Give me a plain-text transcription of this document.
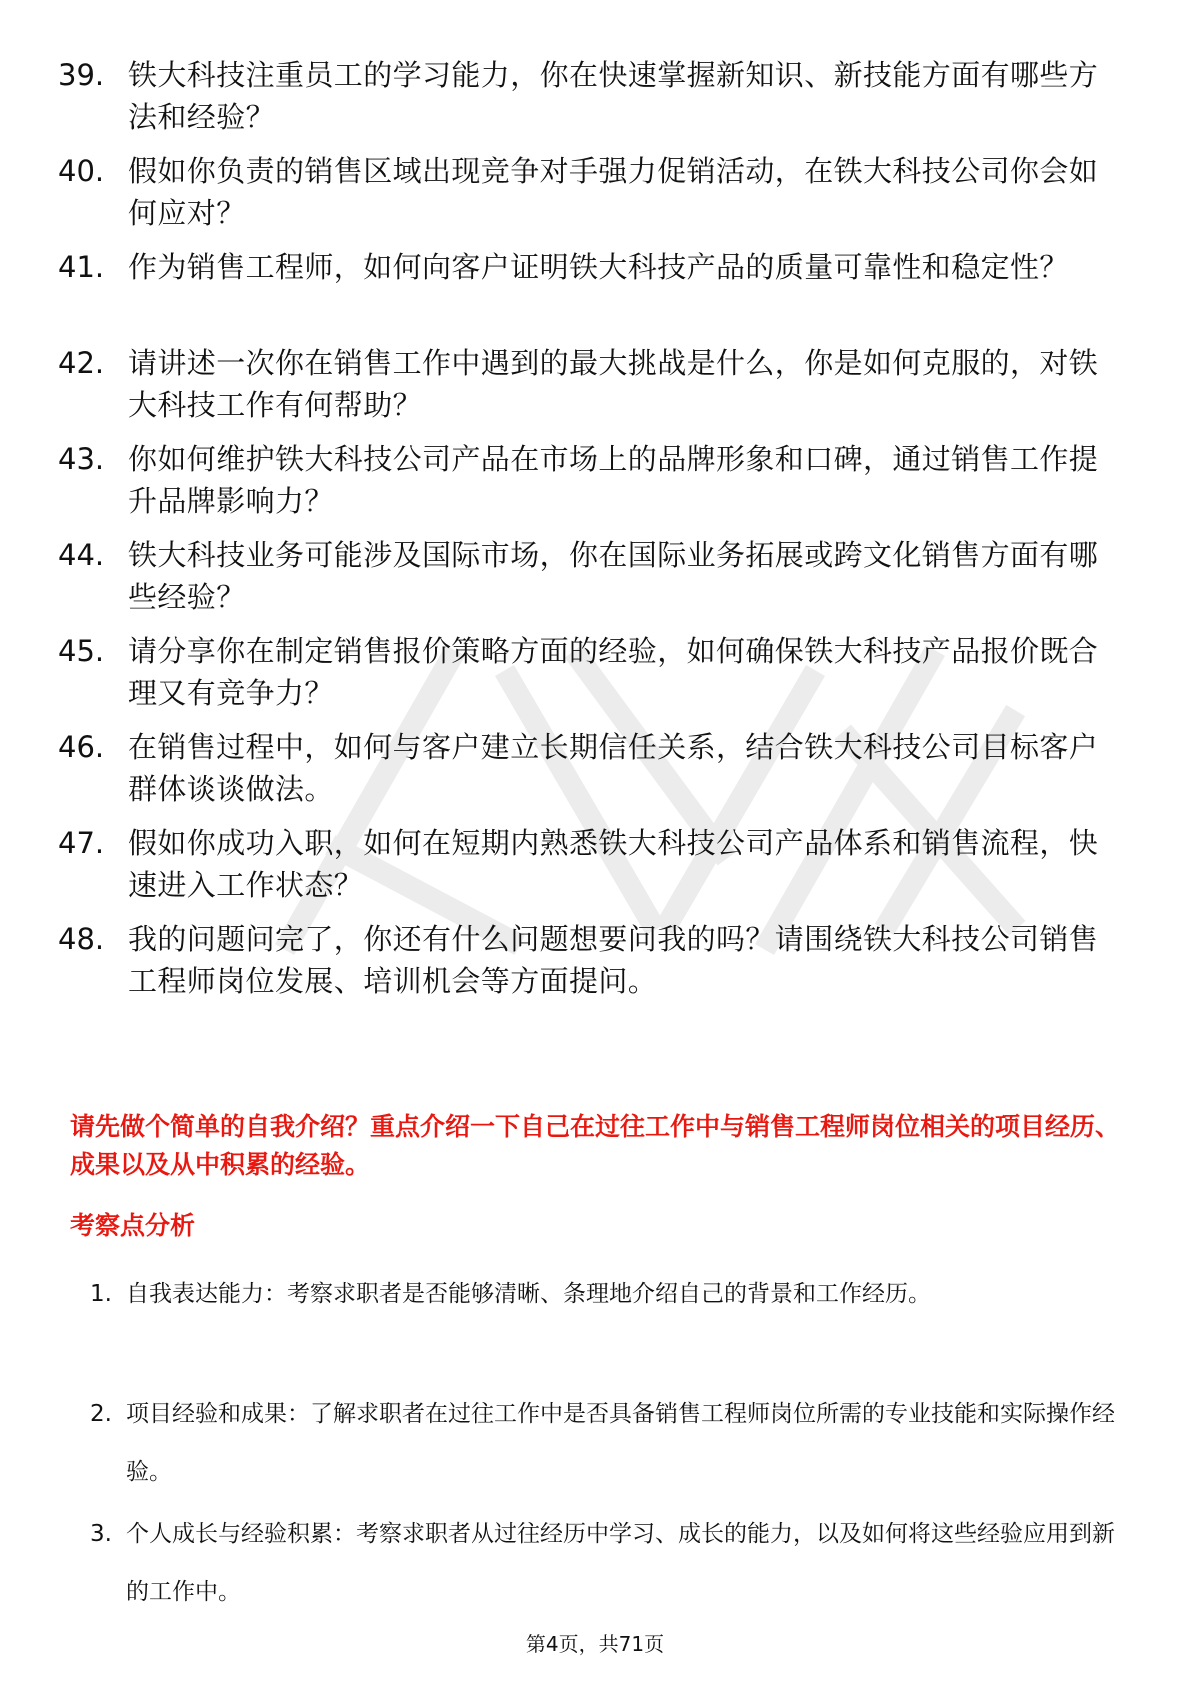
39. 铁大科技注重员工的学习能力，你在快速掌握新知识、新技能方面有哪些方法和经验？
40. 假如你负责的销售区域出现竞争对手强力促销活动，在铁大科技公司你会如何应对？
41. 作为销售工程师，如何向客户证明铁大科技产品的质量可靠性和稳定性？
42. 请讲述一次你在销售工作中遇到的最大挑战是什么，你是如何克服的，对铁大科技工作有何帮助？
43. 你如何维护铁大科技公司产品在市场上的品牌形象和口碑，通过销售工作提升品牌影响力？
44. 铁大科技业务可能涉及国际市场，你在国际业务拓展或跨文化销售方面有哪些经验？
45. 请分享你在制定销售报价策略方面的经验，如何确保铁大科技产品报价既合理又有竞争力？
46. 在销售过程中，如何与客户建立长期信任关系，结合铁大科技公司目标客户群体谈谈做法。
47. 假如你成功入职，如何在短期内熟悉铁大科技公司产品体系和销售流程，快速进入工作状态？
48. 我的问题问完了，你还有什么问题想要问我的吗？请围绕铁大科技公司销售工程师岗位发展、培训机会等方面提问。
请先做个简单的自我介绍？重点介绍一下自己在过往工作中与销售工程师岗位相关的项目经历、成果以及从中积累的经验。
考察点分析
1. 自我表达能力：考察求职者是否能够清晰、条理地介绍自己的背景和工作经历。
2. 项目经验和成果：了解求职者在过往工作中是否具备销售工程师岗位所需的专业技能和实际操作经验。
3. 个人成长与经验积累：考察求职者从过往经历中学习、成长的能力，以及如何将这些经验应用到新的工作中。
第4页，共71页
